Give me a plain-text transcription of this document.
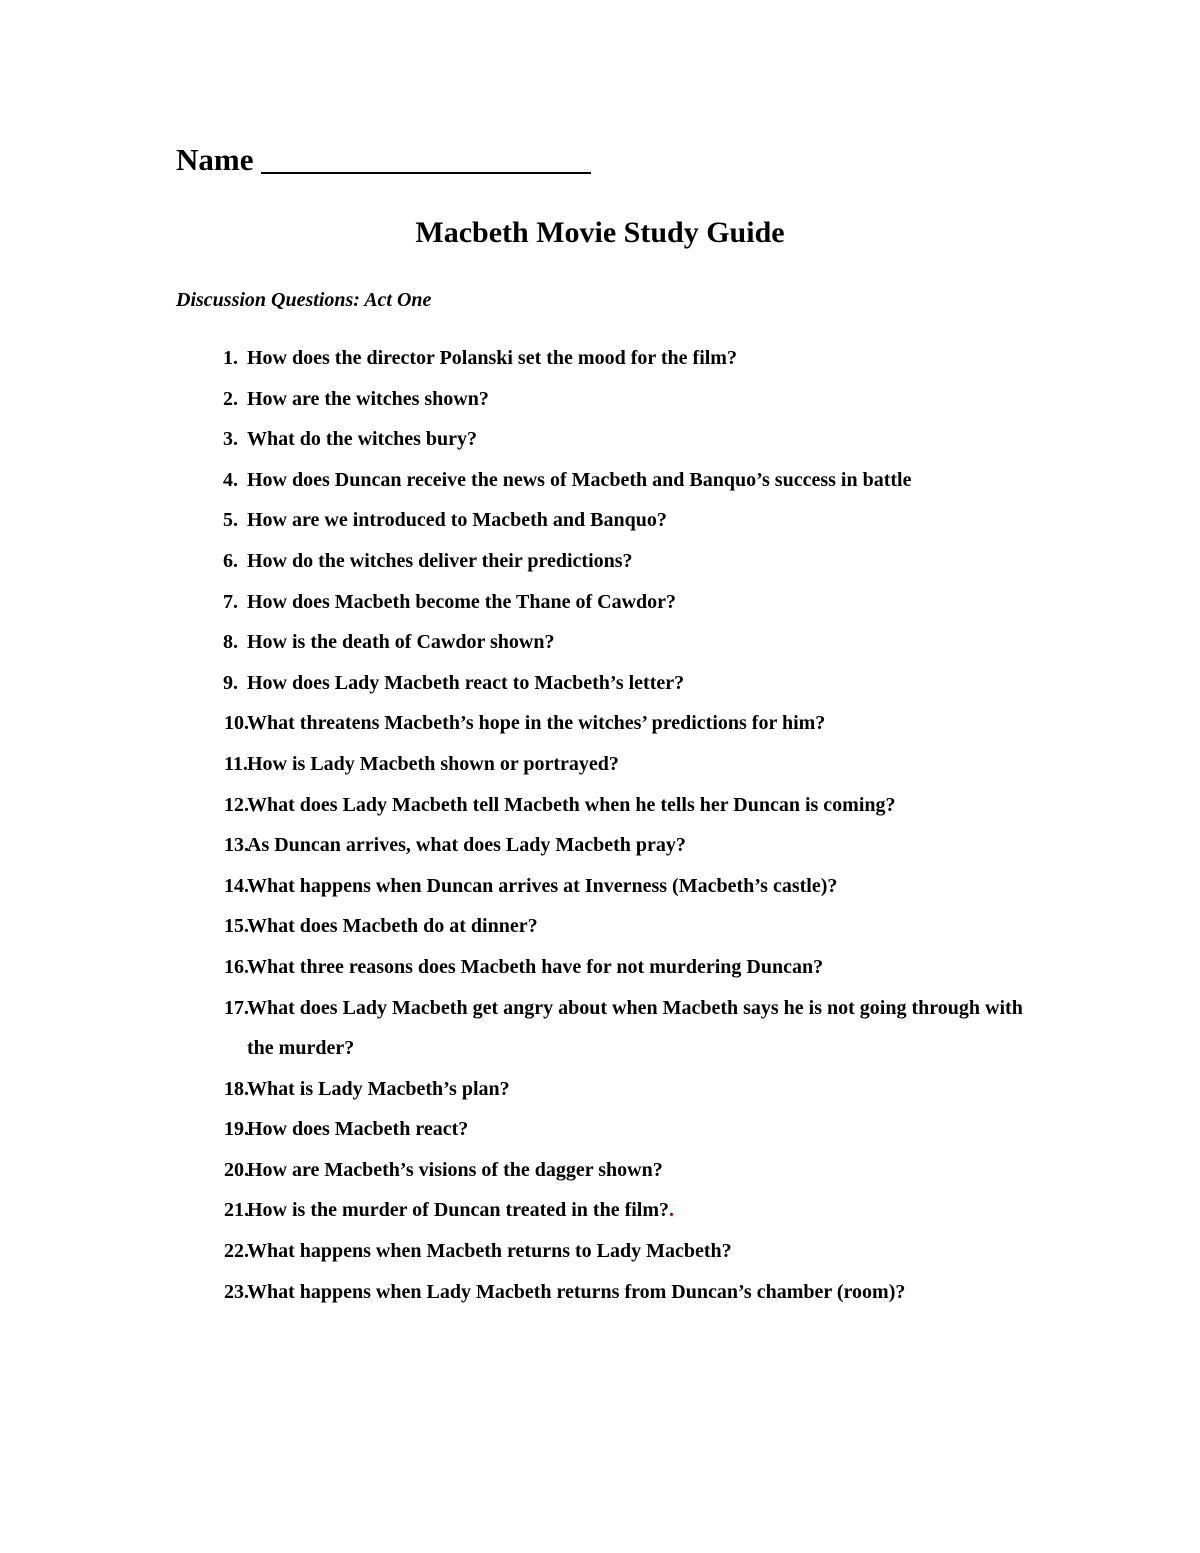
Name
Macbeth Movie Study Guide
Discussion Questions: Act One
1. How does the director Polanski set the mood for the film?
2. How are the witches shown?
3. What do the witches bury?
4. How does Duncan receive the news of Macbeth and Banquo’s success in battle
5. How are we introduced to Macbeth and Banquo?
6. How do the witches deliver their predictions?
7. How does Macbeth become the Thane of Cawdor?
8. How is the death of Cawdor shown?
9. How does Lady Macbeth react to Macbeth’s letter?
10.
What threatens Macbeth’s hope in the witches’ predictions for him?
11. How is Lady Macbeth shown or portrayed?
12.
What does Lady Macbeth tell Macbeth when he tells her Duncan is coming?
13.
As Duncan arrives, what does Lady Macbeth pray?
14.
What happens when Duncan arrives at Inverness (Macbeth’s castle)?
15.
What does Macbeth do at dinner?
16.
What three reasons does Macbeth have for not murdering Duncan?
17.
What does Lady Macbeth get angry about when Macbeth says he is not going through with the murder?
18.
What is Lady Macbeth’s plan?
19.
How does Macbeth react?
20.
How are Macbeth’s visions of the dagger shown?
21.
How is the murder of Duncan treated in the film?.
22.
What happens when Macbeth returns to Lady Macbeth?
23.
What happens when Lady Macbeth returns from Duncan’s chamber (room)?
